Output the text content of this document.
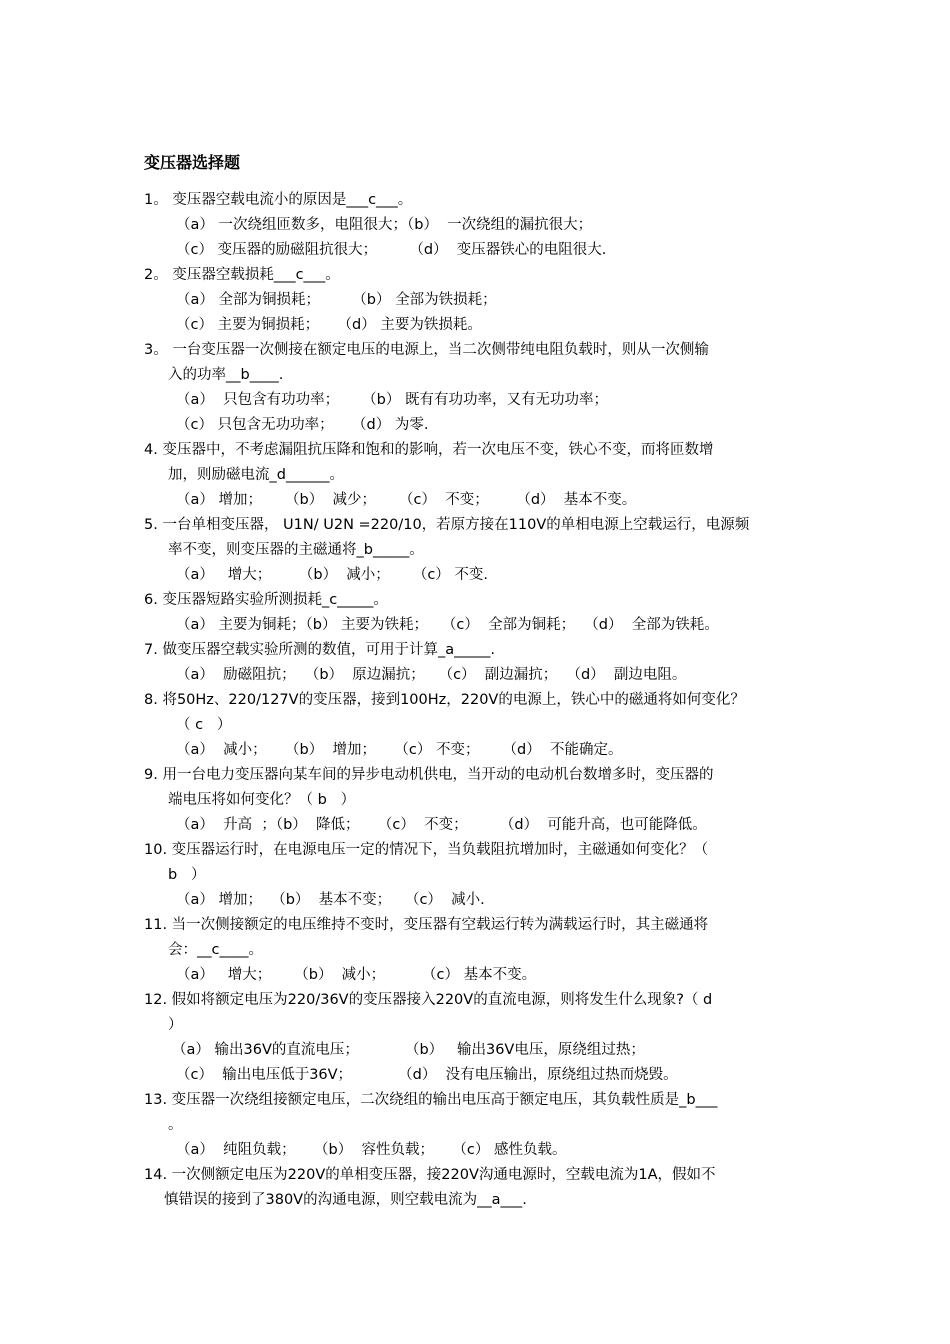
变压器选择题
1。 变压器空载电流小的原因是___c___。
（a） 一次绕组匝数多，电阻很大；（b）  一次绕组的漏抗很大；
（c） 变压器的励磁阻抗很大；       （d）  变压器铁心的电阻很大.
2。 变压器空载损耗___c___。
（a） 全部为铜损耗；       （b） 全部为铁损耗；
（c） 主要为铜损耗；    （d） 主要为铁损耗。
3。 一台变压器一次侧接在额定电压的电源上，当二次侧带纯电阻负载时，则从一次侧输
入的功率__b____.
（a）  只包含有功功率；     （b） 既有有功功率，又有无功功率；
（c） 只包含无功功率；    （d） 为零.
4. 变压器中，不考虑漏阻抗压降和饱和的影响，若一次电压不变，铁心不变，而将匝数增
加，则励磁电流_d______。
（a） 增加；     （b）  减少；     （c）  不变；      （d）  基本不变。
5. 一台单相变压器， U1N/ U2N =220/10，若原方接在110V的单相电源上空载运行，电源频
率不变，则变压器的主磁通将_b_____。
（a）   增大；      （b）  减小；     （c） 不变.
6. 变压器短路实验所测损耗_c_____。
（a） 主要为铜耗；（b） 主要为铁耗；   （c）  全部为铜耗；  （d）  全部为铁耗。
7. 做变压器空载实验所测的数值，可用于计算_a_____.
（a）  励磁阻抗；  （b）  原边漏抗；   （c）  副边漏抗；  （d）  副边电阻。
8. 将50Hz、220/127V的变压器，接到100Hz，220V的电源上，铁心中的磁通将如何变化？
（ c   ）
（a）  减小；    （b）  增加；    （c） 不变；     （d）  不能确定。
9. 用一台电力变压器向某车间的异步电动机供电，当开动的电动机台数增多时，变压器的
端电压将如何变化？（ b   ）
（a）  升高  ；（b）  降低；    （c）  不变；       （d）  可能升高，也可能降低。
10. 变压器运行时，在电源电压一定的情况下，当负载阻抗增加时，主磁通如何变化？（
b   ）
（a） 增加；  （b）  基本不变；   （c）  减小.
11. 当一次侧接额定的电压维持不变时，变压器有空载运行转为满载运行时，其主磁通将
会：__c____。
（a）   增大；     （b）  减小；        （c） 基本不变。
12. 假如将额定电压为220/36V的变压器接入220V的直流电源，则将发生什么现象?（ d
）
（a） 输出36V的直流电压；          （b）   输出36V电压，原绕组过热；
（c）  输出电压低于36V；          （d）  没有电压输出，原绕组过热而烧毁。
13. 变压器一次绕组接额定电压，二次绕组的输出电压高于额定电压，其负载性质是_b___
。
（a）  纯阻负载；    （b）  容性负载；    （c） 感性负载。
14. 一次侧额定电压为220V的单相变压器，接220V沟通电源时，空载电流为1A，假如不
慎错误的接到了380V的沟通电源，则空载电流为__a___.
